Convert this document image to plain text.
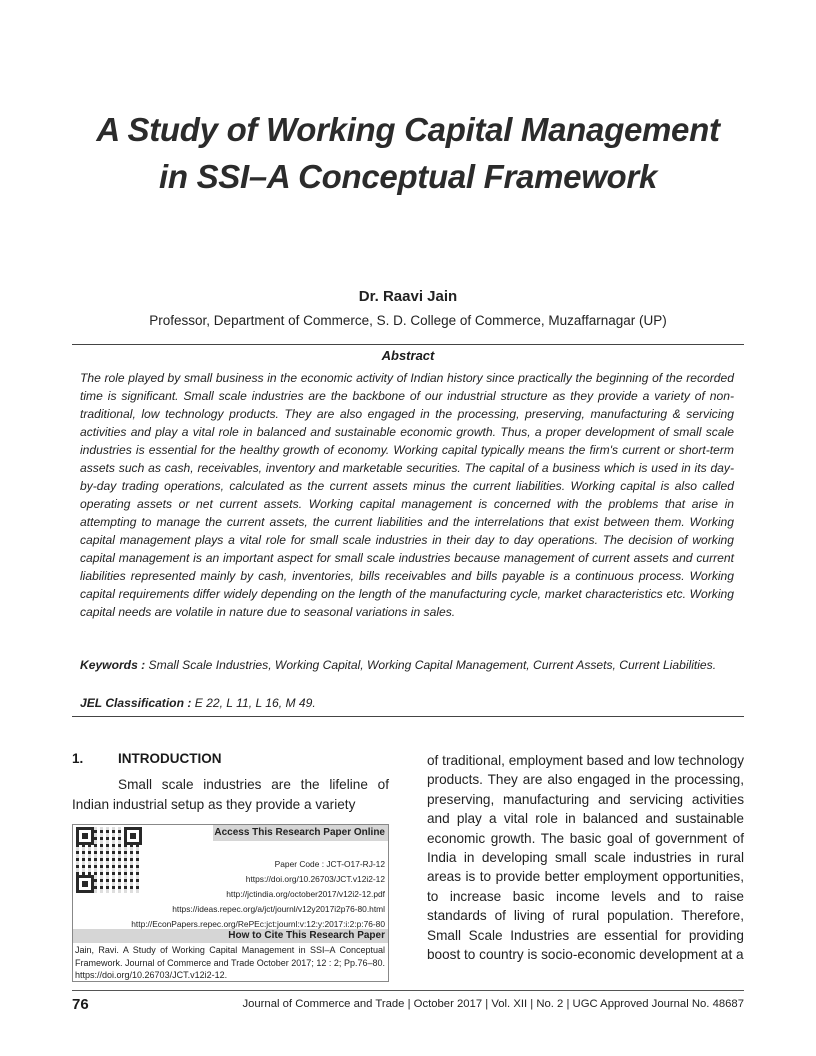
A Study of Working Capital Management
in SSI–A Conceptual Framework
Dr. Raavi Jain
Professor, Department of Commerce, S. D. College of Commerce, Muzaffarnagar (UP)
Abstract
The role played by small business in the economic activity of Indian history since practically the beginning of the recorded time is significant. Small scale industries are the backbone of our industrial structure as they provide a variety of non-traditional, low technology products. They are also engaged in the processing, preserving, manufacturing & servicing activities and play a vital role in balanced and sustainable economic growth. Thus, a proper development of small scale industries is essential for the healthy growth of economy. Working capital typically means the firm's current or short-term assets such as cash, receivables, inventory and marketable securities. The capital of a business which is used in its day-by-day trading operations, calculated as the current assets minus the current liabilities. Working capital is also called operating assets or net current assets. Working capital management is concerned with the problems that arise in attempting to manage the current assets, the current liabilities and the interrelations that exist between them. Working capital management plays a vital role for small scale industries in their day to day operations. The decision of working capital management is an important aspect for small scale industries because management of current assets and current liabilities represented mainly by cash, inventories, bills receivables and bills payable is a continuous process. Working capital requirements differ widely depending on the length of the manufacturing cycle, market characteristics etc. Working capital needs are volatile in nature due to seasonal variations in sales.
Keywords : Small Scale Industries, Working Capital, Working Capital Management, Current Assets, Current Liabilities.
JEL Classification : E 22, L 11, L 16, M 49.
1.	INTRODUCTION

Small scale industries are the lifeline of Indian industrial setup as they provide a variety

Access This Research Paper Online
Paper Code : JCT-O17-RJ-12
https://doi.org/10.26703/JCT.v12i2-12
http://jctindia.org/october2017/v12i2-12.pdf
https://ideas.repec.org/a/jct/journl/v12y2017i2p76-80.html
http://EconPapers.repec.org/RePEc:jct:journl:v:12:y:2017:i:2:p:76-80
How to Cite This Research Paper
Jain, Ravi. A Study of Working Capital Management in SSI–A Conceptual Framework. Journal of Commerce and Trade October 2017; 12 : 2; Pp.76–80. https://doi.org/10.26703/JCT.v12i2-12.

of traditional, employment based and low technology products. They are also engaged in the processing, preserving, manufacturing and servicing activities and play a vital role in balanced and sustainable economic growth. The basic goal of government of India in developing small scale industries in rural areas is to provide better employment opportunities, to increase basic income levels and to raise standards of living of rural population. Therefore, Small Scale Industries are essential for providing boost to country is socio-economic development at a

76	Journal of Commerce and Trade | October 2017 | Vol. XII | No. 2 | UGC Approved Journal No. 48687
